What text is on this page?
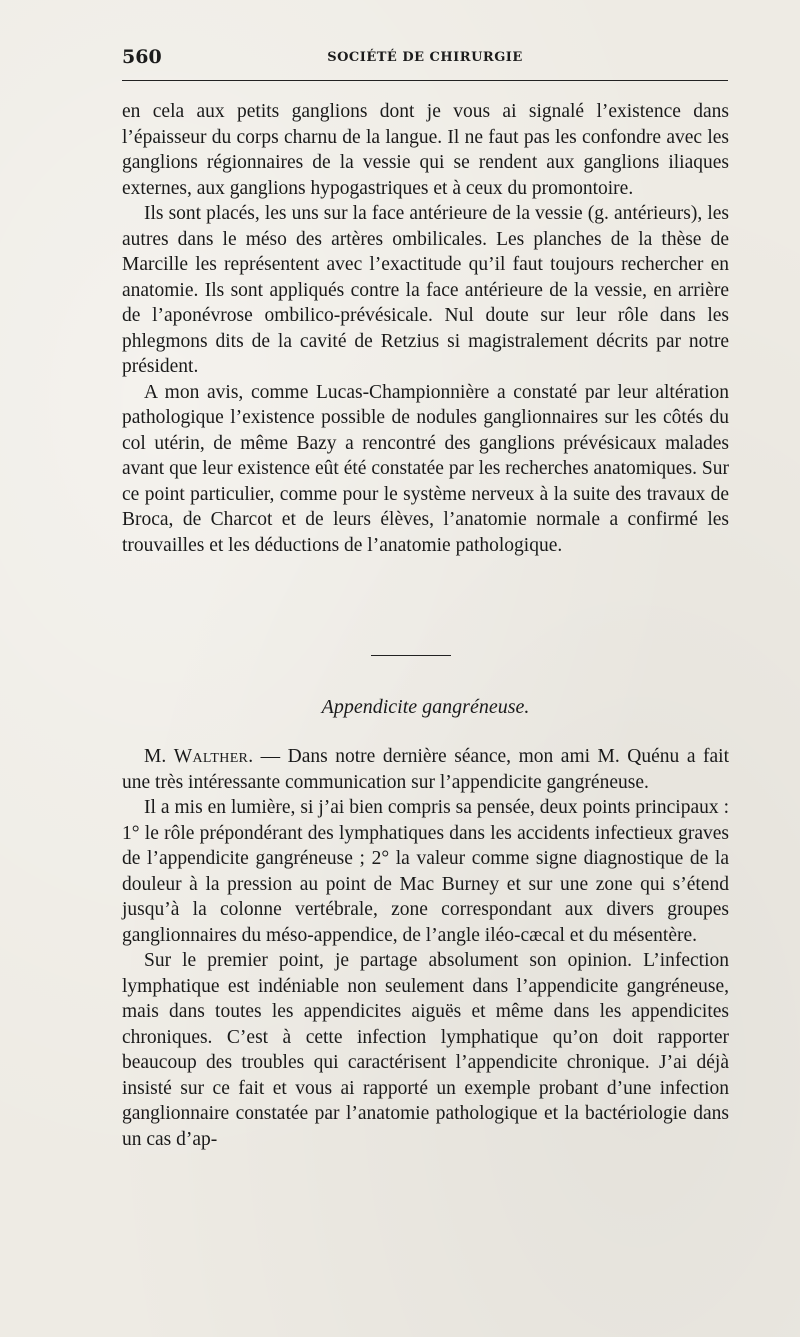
560	SOCIÉTÉ DE CHIRURGIE

en cela aux petits ganglions dont je vous ai signalé l’existence dans l’épaisseur du corps charnu de la langue. Il ne faut pas les confondre avec les ganglions régionnaires de la vessie qui se rendent aux ganglions iliaques externes, aux ganglions hypogastriques et à ceux du promontoire.

Ils sont placés, les uns sur la face antérieure de la vessie (g. antérieurs), les autres dans le méso des artères ombilicales. Les planches de la thèse de Marcille les représentent avec l’exactitude qu’il faut toujours rechercher en anatomie. Ils sont appliqués contre la face antérieure de la vessie, en arrière de l’aponévrose ombilico-prévésicale. Nul doute sur leur rôle dans les phlegmons dits de la cavité de Retzius si magistralement décrits par notre président.

A mon avis, comme Lucas-Championnière a constaté par leur altération pathologique l’existence possible de nodules ganglionnaires sur les côtés du col utérin, de même Bazy a rencontré des ganglions prévésicaux malades avant que leur existence eût été constatée par les recherches anatomiques. Sur ce point particulier, comme pour le système nerveux à la suite des travaux de Broca, de Charcot et de leurs élèves, l’anatomie normale a confirmé les trouvailles et les déductions de l’anatomie pathologique.

Appendicite gangréneuse.

M. Walther. — Dans notre dernière séance, mon ami M. Quénu a fait une très intéressante communication sur l’appendicite gangréneuse.

Il a mis en lumière, si j’ai bien compris sa pensée, deux points principaux : 1° le rôle prépondérant des lymphatiques dans les accidents infectieux graves de l’appendicite gangréneuse ; 2° la valeur comme signe diagnostique de la douleur à la pression au point de Mac Burney et sur une zone qui s’étend jusqu’à la colonne vertébrale, zone correspondant aux divers groupes ganglionnaires du méso-appendice, de l’angle iléo-cæcal et du mésentère.

Sur le premier point, je partage absolument son opinion. L’infection lymphatique est indéniable non seulement dans l’appendicite gangréneuse, mais dans toutes les appendicites aiguës et même dans les appendicites chroniques. C’est à cette infection lymphatique qu’on doit rapporter beaucoup des troubles qui caractérisent l’appendicite chronique. J’ai déjà insisté sur ce fait et vous ai rapporté un exemple probant d’une infection ganglionnaire constatée par l’anatomie pathologique et la bactériologie dans un cas d’ap-
